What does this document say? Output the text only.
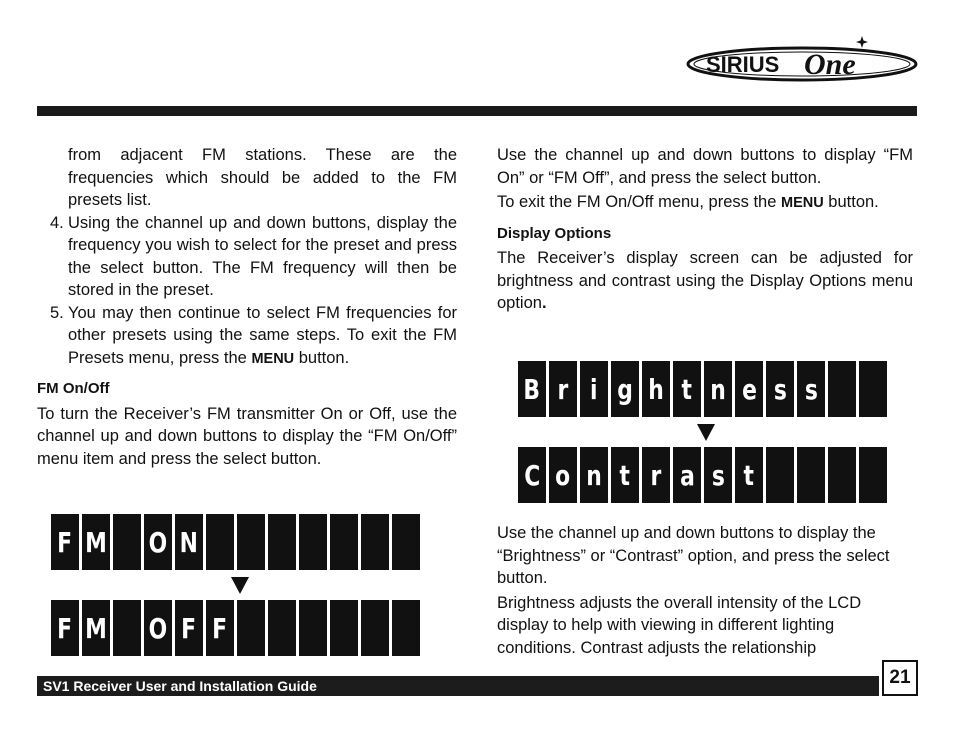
SIRIUS One

from adjacent FM stations. These are the frequencies which should be added to the FM presets list.

4. Using the channel up and down buttons, display the frequency you wish to select for the preset and press the select button. The FM frequency will then be stored in the preset.
5. You may then continue to select FM frequencies for other presets using the same steps. To exit the FM Presets menu, press the MENU button.
FM On/Off

To turn the Receiver’s FM transmitter On or Off, use the channel up and down buttons to display the “FM On/Off” menu item and press the select button.

F M O N
F M O F F

Use the channel up and down buttons to display “FM On” or “FM Off”, and press the select button.

To exit the FM On/Off menu, press the MENU button.

Display Options

The Receiver’s display screen can be adjusted for brightness and contrast using the Display Options menu option.

B r i g h t n e s s
C o n t r a s t

Use the channel up and down buttons to display the “Brightness” or “Contrast” option, and press the select button.

Brightness adjusts the overall intensity of the LCD display to help with viewing in different lighting conditions. Contrast adjusts the relationship

SV1 Receiver User and Installation Guide	21
